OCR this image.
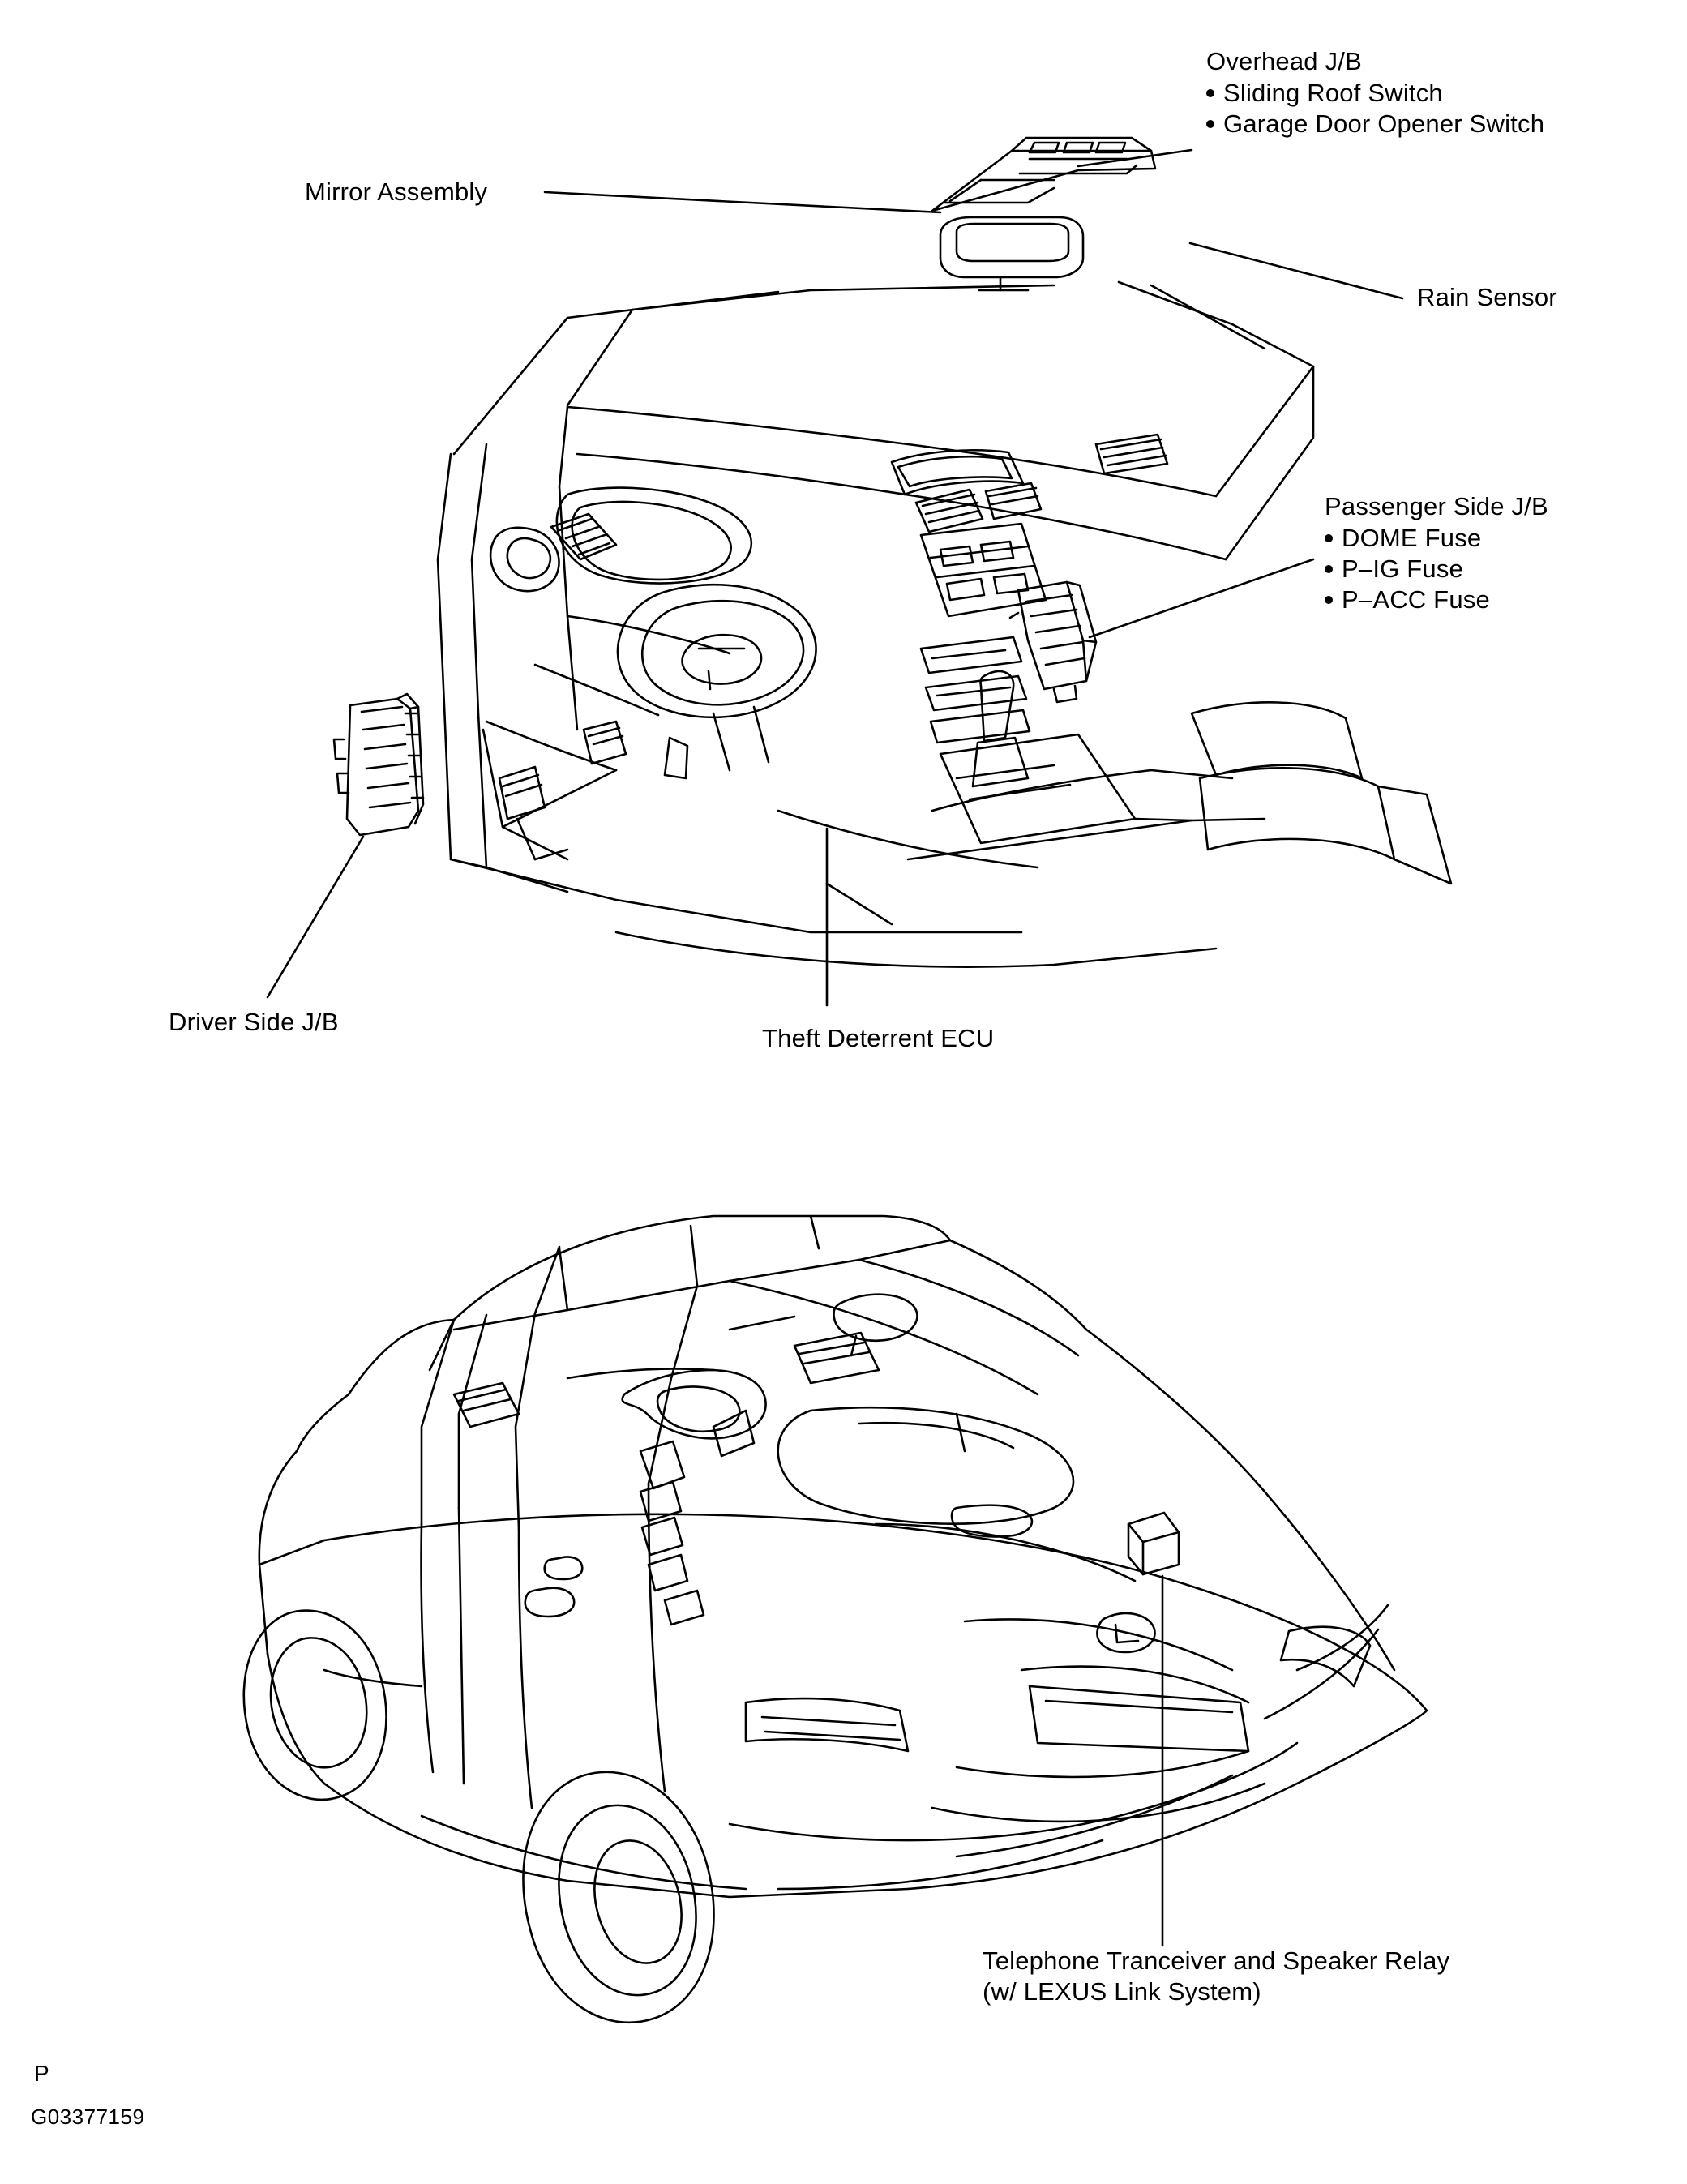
Overhead J/B
Sliding Roof Switch
Garage Door Opener Switch
Mirror Assembly
Rain Sensor
Passenger Side J/B
DOME Fuse
P–IG Fuse
P–ACC Fuse
Driver Side J/B
Theft Deterrent ECU
Telephone Tranceiver and Speaker Relay
(w/ LEXUS Link System)
P
G03377159
